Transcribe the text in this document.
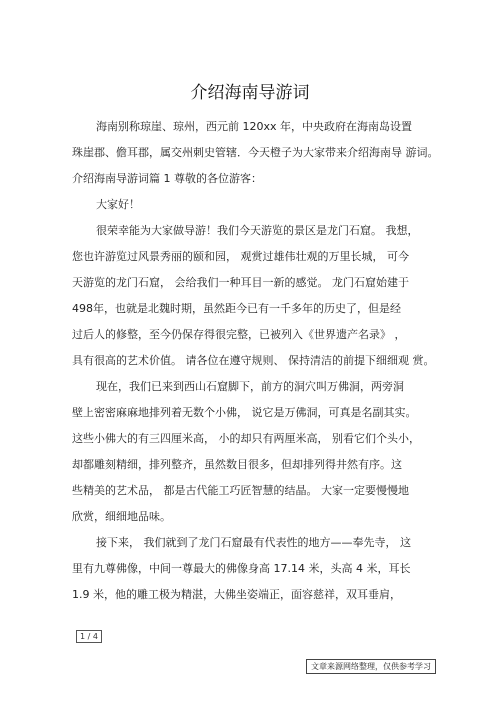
介绍海南导游词
海南别称琼崖、琼州，西元前 120xx 年，中央政府在海南岛设置
珠崖郡、儋耳郡，属交州刺史管辖．今天橙子为大家带来介绍海南导 游词。
介绍海南导游词篇 1 尊敬的各位游客：
大家好！
很荣幸能为大家做导游！我们今天游览的景区是龙门石窟。 我想，
您也许游览过风景秀丽的颐和园， 观赏过雄伟壮观的万里长城， 可今
天游览的龙门石窟， 会给我们一种耳目一新的感觉。 龙门石窟始建于
498年，也就是北魏时期，虽然距今已有一千多年的历史了，但是经
过后人的修整，至今仍保存得很完整，已被列入《世界遗产名录》 ，
具有很高的艺术价值。 请各位在遵守规则、 保持清洁的前提下细细观 赏。
现在，我们已来到西山石窟脚下，前方的洞穴叫万佛洞，两旁洞
壁上密密麻麻地排列着无数个小佛， 说它是万佛洞，可真是名副其实。
这些小佛大的有三四厘米高， 小的却只有两厘米高， 别看它们个头小，
却都雕刻精细，排列整齐，虽然数目很多，但却排列得井然有序。这
些精美的艺术品， 都是古代能工巧匠智慧的结晶。 大家一定要慢慢地
欣赏，细细地品味。
接下来， 我们就到了龙门石窟最有代表性的地方——奉先寺， 这
里有九尊佛像，中间一尊最大的佛像身高 17.14 米，头高 4 米，耳长
1.9 米，他的雕工极为精湛，大佛坐姿端正，面容慈祥，双耳垂肩，
1 / 4
文章来源网络整理，仅供参考学习
